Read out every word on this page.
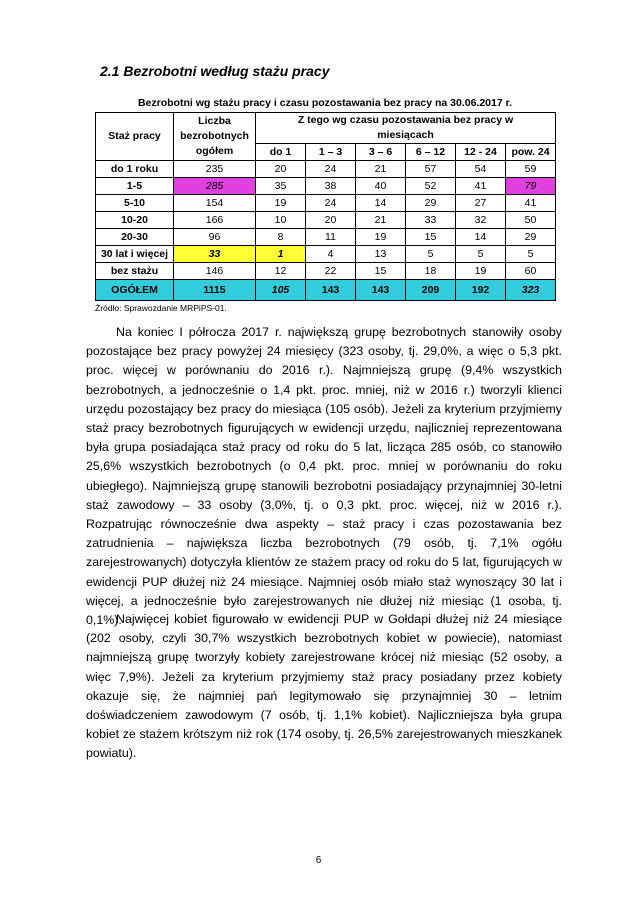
2.1 Bezrobotni według stażu pracy
Bezrobotni wg stażu pracy i czasu pozostawania bez pracy na 30.06.2017 r.
Staż pracy	Liczba bezrobotnych ogółem	Z tego wg czasu pozostawania bez pracy w miesiącach					
		do 1	1 – 3	3 – 6	6 – 12	12 - 24	pow. 24
do 1 roku	235	20	24	21	57	54	59
1-5	285	35	38	40	52	41	79
5-10	154	19	24	14	29	27	41
10-20	166	10	20	21	33	32	50
20-30	96	8	11	19	15	14	29
30 lat i więcej	33	1	4	13	5	5	5
bez stażu	146	12	22	15	18	19	60
OGÓŁEM	1115	105	143	143	209	192	323
Źródło: Sprawozdanie MRPiPS-01.

Na koniec I półrocza 2017 r. największą grupę bezrobotnych stanowiły osoby pozostające bez pracy powyżej 24 miesięcy (323 osoby, tj. 29,0%, a więc o 5,3 pkt. proc. więcej w porównaniu do 2016 r.). Najmniejszą grupę (9,4% wszystkich bezrobotnych, a jednocześnie o 1,4 pkt. proc. mniej, niż w 2016 r.) tworzyli klienci urzędu pozostający bez pracy do miesiąca (105 osób). Jeżeli za kryterium przyjmiemy staż pracy bezrobotnych figurujących w ewidencji urzędu, najliczniej reprezentowana była grupa posiadająca staż pracy od roku do 5 lat, licząca 285 osób, co stanowiło 25,6% wszystkich bezrobotnych (o 0,4 pkt. proc. mniej w porównaniu do roku ubiegłego). Najmniejszą grupę stanowili bezrobotni posiadający przynajmniej 30-letni staż zawodowy – 33 osoby (3,0%, tj. o 0,3 pkt. proc. więcej, niż w 2016 r.). Rozpatrując równocześnie dwa aspekty – staż pracy i czas pozostawania bez zatrudnienia – największa liczba bezrobotnych (79 osób, tj. 7,1% ogółu zarejestrowanych) dotyczyła klientów ze stażem pracy od roku do 5 lat, figurujących w ewidencji PUP dłużej niż 24 miesiące. Najmniej osób miało staż wynoszący 30 lat i więcej, a jednocześnie było zarejestrowanych nie dłużej niż miesiąc (1 osoba, tj. 0,1%).

Najwięcej kobiet figurowało w ewidencji PUP w Gołdapi dłużej niż 24 miesiące (202 osoby, czyli 30,7% wszystkich bezrobotnych kobiet w powiecie), natomiast najmniejszą grupę tworzyły kobiety zarejestrowane krócej niż miesiąc (52 osoby, a więc 7,9%). Jeżeli za kryterium przyjmiemy staż pracy posiadany przez kobiety okazuje się, że najmniej pań legitymowało się przynajmniej 30 – letnim doświadczeniem zawodowym (7 osób, tj. 1,1% kobiet). Najliczniejsza była grupa kobiet ze stażem krótszym niż rok (174 osoby, tj. 26,5% zarejestrowanych mieszkanek powiatu).

6
